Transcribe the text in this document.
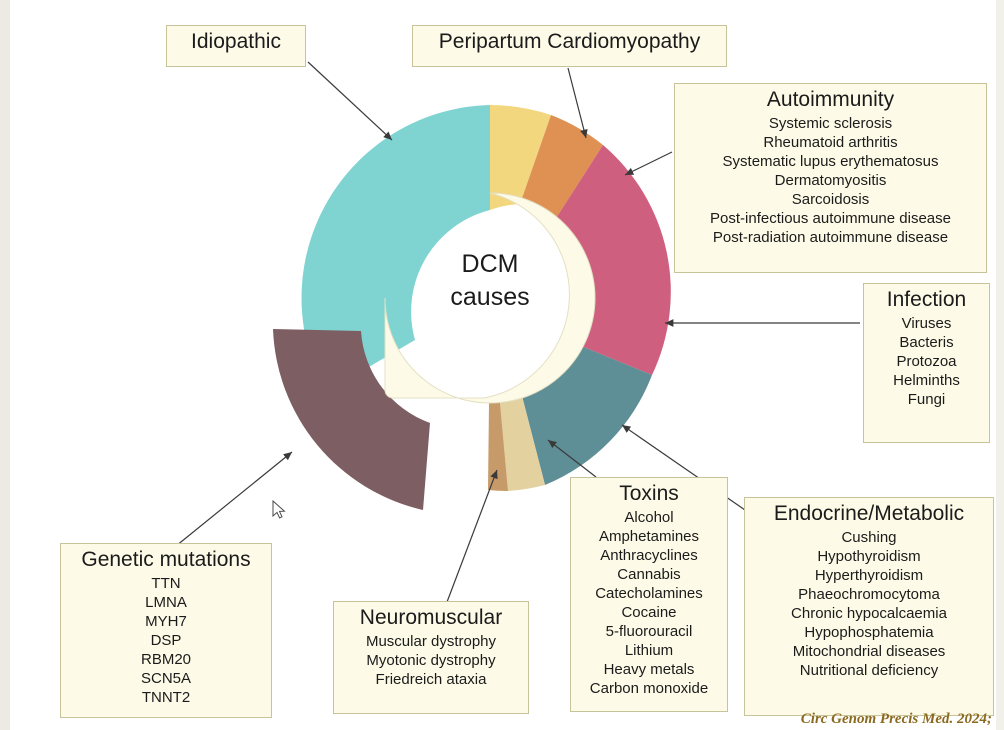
DCM
causes
Idiopathic	Peripartum Cardiomyopathy
Autoimmunity
Systemic sclerosis
Rheumatoid arthritis
Systematic lupus erythematosus
Dermatomyositis
Sarcoidosis
Post-infectious autoimmune disease
Post-radiation autoimmune disease
Infection
Viruses
Bacteris
Protozoa
Helminths
Fungi
Endocrine/Metabolic
Cushing
Hypothyroidism
Hyperthyroidism
Phaeochromocytoma
Chronic hypocalcaemia
Hypophosphatemia
Mitochondrial diseases
Nutritional deficiency
Toxins
Alcohol
Amphetamines
Anthracyclines
Cannabis
Catecholamines
Cocaine
5-fluorouracil
Lithium
Heavy metals
Carbon monoxide
Neuromuscular
Muscular dystrophy
Myotonic dystrophy
Friedreich ataxia
Genetic mutations
TTN
LMNA
MYH7
DSP
RBM20
SCN5A
TNNT2
Circ Genom Precis Med. 2024;
